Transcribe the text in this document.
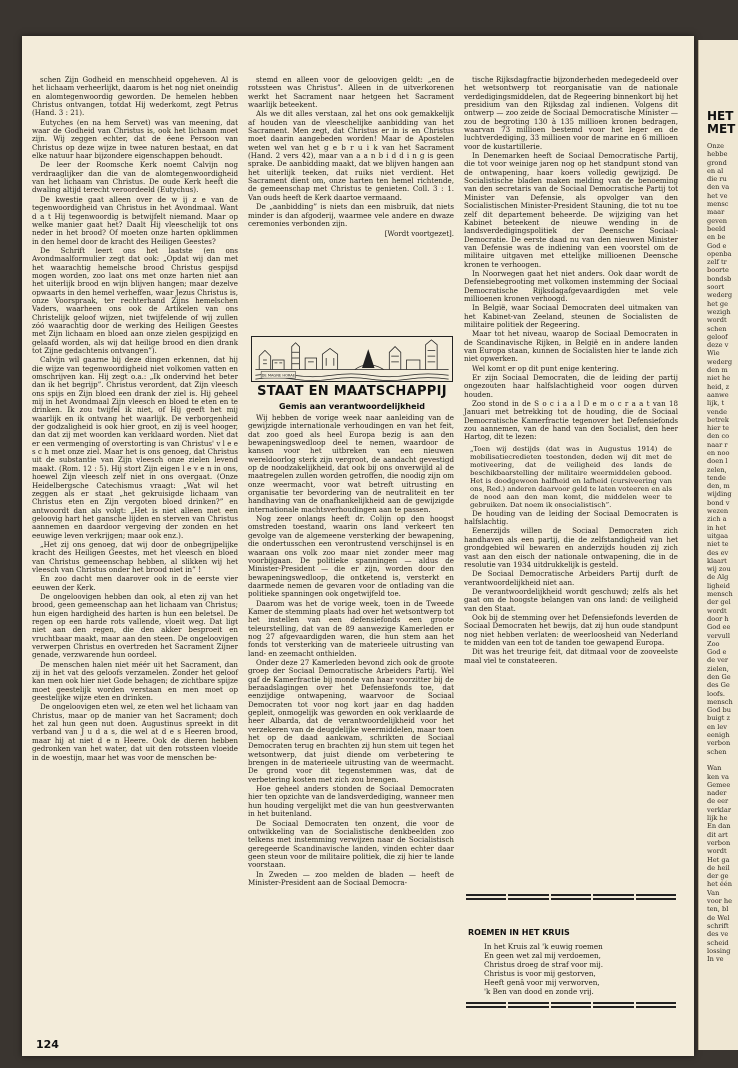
schen Zijn Godheid en menschheid opgeheven. Al is het lichaam verheerlijkt, daarom is het nog niet oneindig en alomtegenwoordig geworden. De hemelen hebben Christus ontvangen, totdat Hij wederkomt, zegt Petrus (Hand. 3 : 21).

Eutyches (en na hem Servet) was van meening, dat waar de Godheid van Christus is, ook het lichaam moet zijn. Wij zeggen echter, dat de éene Persoon van Christus op deze wijze in twee naturen bestaat, en dat elke natuur haar bijzondere eigenschappen behoudt.

De leer der Roomsche Kerk noemt Calvijn nog verdraaglijker dan die van de alomtegenwoordigheid van het lichaam van Christus. De oude Kerk heeft die dwaling altijd terecht veroordeeld (Eutychus).

De kwestie gaat alleen over de w ij z e van de tegenwoordigheid van Christus in het Avondmaal. Want d a t Hij tegenwoordig is betwijfelt niemand. Maar op welke manier gaat het? Daalt Hij vleeschelijk tot ons neder in het brood? Of moeten onze harten opklimmen in den hemel door de kracht des Heiligen Geestes?

De Schrift leert ons het laatste (en ons Avondmaalformulier zegt dat ook: „Opdat wij dan met het waarachtig hemelsche brood Christus gespijsd mogen worden, zoo laat ons met onze harten niet aan het uiterlijk brood en wijn blijven hangen; maar dezelve opwaarts in den hemel verheffen, waar Jezus Christus is, onze Voorspraak, ter rechterhand Zijns hemelschen Vaders, waarheen ons ook de Artikelen van ons Christelijk geloof wijzen, niet twijfelende of wij zullen zóó waarachtig door de werking des Heiligen Geestes met Zijn lichaam en bloed aan onze zielen gespijzigd en gelaafd worden, als wij dat heilige brood en dien drank tot Zijne gedachtenis ontvangen”).

Calvijn wil gaarne bij deze dingen erkennen, dat hij die wijze van tegenwoordigheid niet volkomen vatten en omschrijven kan. Hij zegt o.a.: „Ik ondervind het beter dan ik het begrijp”. Christus verordent, dat Zijn vleesch ons spijs en Zijn bloed een drank der ziel is. Hij geheel mij in het Avondmaal Zijn vleesch en bloed te eten en te drinken. Ik zou twijfel ik niet, of Hij geeft het mij waarlijk en ik ontvang het waarlijk. De verborgenheid der godzaligheid is ook hier groot, en zij is veel hooger, dan dat zij met woorden kan verklaard worden. Niet dat er een vermenging of overstorting is van Christus' v l e e s c h met onze ziel. Maar het is ons genoeg, dat Christus uit de substantie van Zijn vleesch onze zielen levend maakt. (Rom. 12 : 5). Hij stort Zijn eigen l e v e n in ons, hoewel Zijn vleesch zelf niet in ons overgaat. (Onze Heidelbergsche Catechismus vraagt: „Wat wil het zeggen als er staat „het gekruisigde lichaam van Christus eten en Zijn vergoten bloed drinken?” en antwoordt dan als volgt: „Het is niet alleen met een geloovig hart het gansche lijden en sterven van Christus aannemen en daardoor vergeving der zonden en het eeuwige leven verkrijgen; maar ook enz.).

„Het zij ons genoeg, dat wij door de onbegrijpelijke kracht des Heiligen Geestes, met het vleesch en bloed van Christus gemeenschap hebben, al slikken wij het vleesch van Christus onder het brood niet in” !

En zoo dacht men daarover ook in de eerste vier eeuwen der Kerk.

De ongeloovigen hebben dan ook, al eten zij van het brood, geen gemeenschap aan het lichaam van Christus; hun eigen hardigheid des harten is hun een beletsel. De regen op een harde rots vallende, vloeit weg. Dat ligt niet aan den regen, die den akker besproeit en vruchtbaar maakt, maar aan den steen. De ongeloovigen verwerpen Christus en overtreden het Sacrament Zijner genade, verzwarende hun oordeel.

De menschen halen niet méér uit het Sacrament, dan zij in het vat des geloofs verzamelen. Zonder het geloof kan men ook hier niet Gode behagen; de zichtbare spijze moet geestelijk worden verstaan en men moet op geestelijke wijze eten en drinken.

De ongeloovigen eten wel, ze eten wel het lichaam van Christus, maar op de manier van het Sacrament; doch het zal hun geen nut doen. Augustinus spreekt in dit verband van J u d a s, die wel at d e s Heeren brood, maar hij at niet d e n Heere. Ook de dieren hebben gedronken van het water, dat uit den rotssteen vloeide in de woestijn, maar het was voor de menschen be-

stemd en alleen voor de geloovigen geldt: „en de rotssteen was Christus”. Alleen in de uitverkorenen werkt het Sacrament naar hetgeen het Sacrament waarlijk beteekent.

Als we dit alles verstaan, zal het ons ook gemakkelijk af houden van de vleeschelijke aanbidding van het Sacrament. Men zegt, dat Christus er in is en Christus moet daarin aangebeden worden! Maar de Apostelen weten wel van het g e b r u i k van het Sacrament (Hand. 2 vers 42), maar van a a n b i d d i n g is geen sprake. De aanbidding maakt, dat we blijven hangen aan het uiterlijk teeken, dat ruiks niet verdient. Het Sacrament dient om, onze harten ten hemel richtende, de gemeenschap met Christus te genieten. Coll. 3 : 1. Van ouds heeft de Kerk daartoe vermaand.

De „aanbidding” is niets dan een misbruik, dat niets minder is dan afgoderij, waarmee vele andere en dwaze ceremonies verbonden zijn.

[Wordt voortgezet].
DE MAGNE HORAE
STAAT EN MAATSCHAPPIJ
Gemis aan verantwoordelijkheid

Wij hebben de vorige week naar aanleiding van de gewijzigde internationale verhoudingen en van het feit, dat zoo goed als heel Europa bezig is aan den bewapeningswedloop deel te nemen, waardoor de kansen voor het uitbreken van een nieuwen wereldoorlog sterk zijn vergroot, de aandacht gevestigd op de noodzakelijkheid, dat ook bij ons onverwijld al de maatregelen zullen worden getroffen, die noodig zijn om onze weermacht, voor wat betreft uitrusting en organisatie ter bevordering van de neutraliteit en ter handhaving van de onafhankelijkheid aan de gewijzigde internationale machtsverhoudingen aan te passen.

Nog zeer onlangs heeft dr. Colijn op den hoogst omstreden toestand, waarin ons land verkeert ten gevolge van de algemeene versterking der bewapening, die ondertusschen een verontrustend verschijnsel is en waaraan ons volk zoo maar niet zonder meer mag voorbijgaan. De politieke spanningen — aldus de Minister-President — die er zijn, worden door den bewapeningswedloop, die ontketend is, versterkt en daarmede nemen de gevaren voor de ontlading van die politieke spanningen ook ongetwijfeld toe.

Daarom was het de vorige week, toen in de Tweede Kamer de stemming plaats had over het wetsontwerp tot het instellen van een defensiefonds een groote teleurstelling, dat van de 89 aanwezige Kamerleden er nog 27 afgevaardigden waren, die hun stem aan het fonds tot versterking van de materieele uitrusting van land- en zeemacht onthielden.

Onder deze 27 Kamerleden bevond zich ook de groote groep der Sociaal Democratische Arbeiders Partij. Wel gaf de Kamerfractie bij monde van haar voorzitter bij de beraadslagingen over het Defensiefonds toe, dat eenzijdige ontwapening, waarvoor de Sociaal Democraten tot voor nog kort jaar en dag hadden gepleit, onmogelijk was geworden en ook verklaarde de heer Albarda, dat de verantwoordelijkheid voor het verzekeren van de deugdelijke weermiddelen, maar toen het op de daad aankwam, schrikten de Sociaal Democraten terug en brachten zij hun stem uit tegen het wetsontwerp, dat juist diende om verbetering te brengen in de materieele uitrusting van de weermacht. De grond voor dit tegenstemmen was, dat de verbetering kosten met zich zou brengen.

Hoe geheel anders stonden de Sociaal Democraten hier ten opzichte van de landsverdediging, wanneer men hun houding vergelijkt met die van hun geestverwanten in het buitenland.

De Sociaal Democraten ten onzent, die voor de ontwikkeling van de Socialistische denkbeelden zoo telkens met instemming verwijzen naar de Socialistisch geregeerde Scandinavische landen, vinden echter daar geen steun voor de militaire politiek, die zij hier te lande voorstaan.

In Zweden — zoo melden de bladen — heeft de Minister-President aan de Sociaal Democra-

tische Rijksdagfractie bijzonderheden medegedeeld over het wetsontwerp tot reorganisatie van de nationale verdedigingsmiddelen, dat de Regeering binnenkort bij het presidium van den Rijksdag zal indienen. Volgens dit ontwerp — zoo zeide de Sociaal Democratische Minister — zou de begroting 130 à 135 millioen kronen bedragen, waarvan 73 millioen bestemd voor het leger en de luchtverdediging, 33 millioen voor de marine en 6 millioen voor de kustartillerie.

In Denemarken heeft de Sociaal Democratische Partij, die tot voor weinige jaren nog op het standpunt stond van de ontwapening, haar koers volledig gewijzigd. De Socialistische bladen maken melding van de benoeming van den secretaris van de Sociaal Democratische Partij tot Minister van Defensie, als opvolger van den Socialistischen Minister-President Stauning, die tot nu toe zelf dit departement beheerde. De wijziging van het Kabinet beteekent de nieuwe wending in de landsverdedigingspolitiek der Deensche Sociaal-Democratie. De eerste daad nu van den nieuwen Minister van Defensie was de indiening van een voorstel om de militaire uitgaven met ettelijke millioenen Deensche kronen te verhoogen.

In Noorwegen gaat het niet anders. Ook daar wordt de Defensiebegrooting met volkomen instemming der Sociaal Democratische Rijksdagafgevaardigden met vele millioenen kronen verhoogd.

In België, waar Sociaal Democraten deel uitmaken van het Kabinet-van Zeeland, steunen de Socialisten de militaire politiek der Regeering.

Maar tot het niveau, waarop de Sociaal Democraten in de Scandinavische Rijken, in België en in andere landen van Europa staan, kunnen de Socialisten hier te lande zich niet opwerken.

Wel komt er op dit punt enige kentering.

Er zijn Sociaal Democraten, die de leiding der partij ongezouten haar halfslachtigheid voor oogen durven houden.

Zoo stond in de S o c i a a l D e m o c r a a t van 18 Januari met betrekking tot de houding, die de Sociaal Democratische Kamerfractie tegenover het Defensiefonds zou aannemen, van de hand van den Socialist, den heer Hartog, dit te lezen:

„Toen wij destijds (dat was in Augustus 1914) de mobilisatiecredieten toestonden, deden wij dit met de motiveering, dat de veiligheid des lands de beschikbaarstelling der militaire weermiddelen gebood. Het is doodgewoon halfheid en lafheid (cursiveering van ons, Red.) anderen daarvoor geld te laten voteeren en als de nood aan den man komt, die middelen weer te gebruiken. Dat noem ik onsocialistisch”.

De houding van de leiding der Sociaal Democraten is halfslachtig.

Eenerzijds willen de Sociaal Democraten zich handhaven als een partij, die de zelfstandigheid van het grondgebied wil bewaren en anderzijds houden zij zich vast aan den eisch der nationale ontwapening, die in de resolutie van 1934 uitdrukkelijk is gesteld.

De Sociaal Democratische Arbeiders Partij durft de verantwoordelijkheid niet aan.

De verantwoordelijkheid wordt geschuwd; zelfs als het gaat om de hoogste belangen van ons land: de veiligheid van den Staat.

Ook bij de stemming over het Defensiefonds leverden de Sociaal Democraten het bewijs, dat zij hun oude standpunt nog niet hebben verlaten: de weerloosheid van Nederland te midden van een tot de tanden toe gewapend Europa.

Dit was het treurige feit, dat ditmaal voor de zooveelste maal viel te constateeren.

ROEMEN IN HET KRUIS
In het Kruis zal 'k euwig roemen
En geen wet zal mij verdoemen,
Christus droeg de straf voor mij.
Christus is voor mij gestorven,
Heeft genâ voor mij verworven,
'k Ben van dood en zonde vrij.
124
HET
MET
Onze
hebbe
grond
en al
die ru
den va
het ve
mensc
maar
geven
beeld
en be
God e
openba
zelf tr
boorte
bondsb
soort
wederg
het ge
wezigh
wordt
schen
geloof
deze v
Wie
wederg
den m
niet he
heid, z
aanwe
lijk, t
vende
betrek
hier te
den co
naar r
en noo
doen l
zelen,
tende
den, m
wijding
bond v
wezen
zich a
in het
uitgaa
niet te
des ev
klaart
wij zou
de Alg
ligheid
mensch
der gel
wordt
door h
God ee
vervull
Zoo
God e
de ver
zielen,
den Ge
des Ge
loofs.
mensch
God bu
buigt z
en lev
eenigh
verbon
schen

Wan
ken va
Gemee
nader
de eer
verklar
lijk he
En dan
dit art
verbon
wordt
Het ga
de heil
der ge
het één
Van
voor he
ten, bl
de Wel
schrift
des ve
scheid
lossing
In ve
